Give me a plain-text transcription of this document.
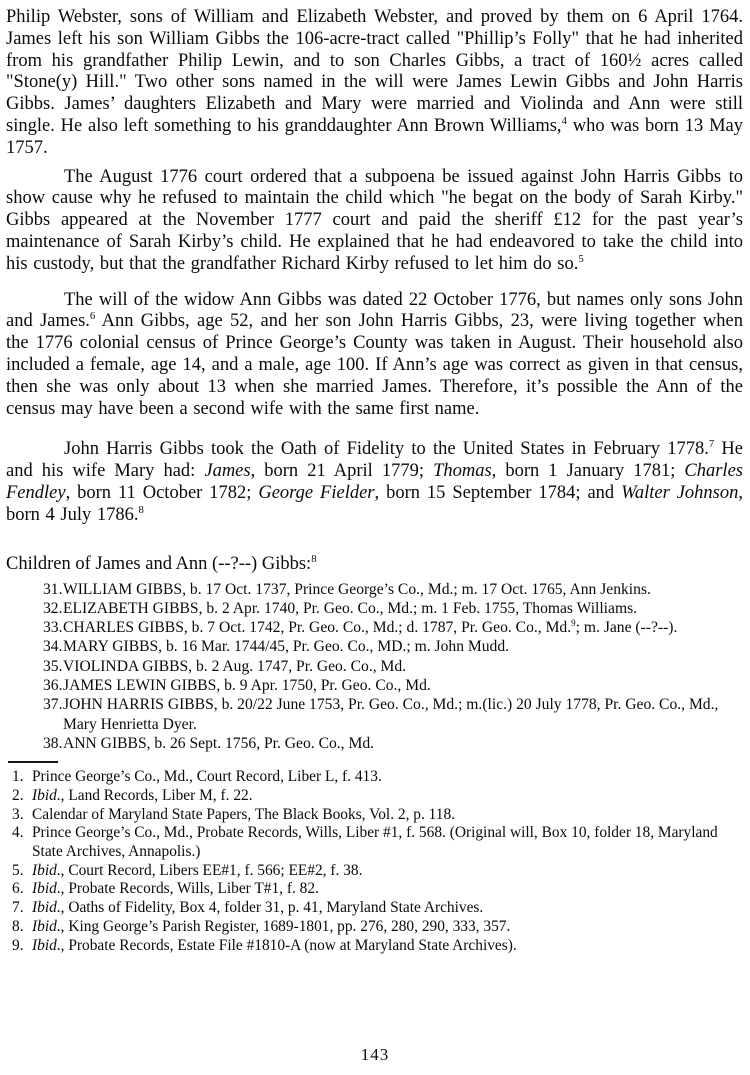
Philip Webster, sons of William and Elizabeth Webster, and proved by them on 6 April 1764. James left his son William Gibbs the 106-acre-tract called "Phillip’s Folly" that he had inherited from his grandfather Philip Lewin, and to son Charles Gibbs, a tract of 160½ acres called "Stone(y) Hill." Two other sons named in the will were James Lewin Gibbs and John Harris Gibbs. James’ daughters Elizabeth and Mary were married and Violinda and Ann were still single. He also left something to his granddaughter Ann Brown Williams,$^4$ who was born 13 May 1757.

The August 1776 court ordered that a subpoena be issued against John Harris Gibbs to show cause why he refused to maintain the child which "he begat on the body of Sarah Kirby." Gibbs appeared at the November 1777 court and paid the sheriff £12 for the past year’s maintenance of Sarah Kirby’s child. He explained that he had endeavored to take the child into his custody, but that the grandfather Richard Kirby refused to let him do so.$^5$

The will of the widow Ann Gibbs was dated 22 October 1776, but names only sons John and James.$^6$ Ann Gibbs, age 52, and her son John Harris Gibbs, 23, were living together when the 1776 colonial census of Prince George’s County was taken in August. Their household also included a female, age 14, and a male, age 100. If Ann’s age was correct as given in that census, then she was only about 13 when she married James. Therefore, it’s possible the Ann of the census may have been a second wife with the same first name.

John Harris Gibbs took the Oath of Fidelity to the United States in February 1778.$^7$ He and his wife Mary had: James, born 21 April 1779; Thomas, born 1 January 1781; Charles Fendley, born 11 October 1782; George Fielder, born 15 September 1784; and Walter Johnson, born 4 July 1786.$^8$

Children of James and Ann (--?--) Gibbs:$^8$

31. WILLIAM GIBBS, b. 17 Oct. 1737, Prince George’s Co., Md.; m. 17 Oct. 1765, Ann Jenkins.
32. ELIZABETH GIBBS, b. 2 Apr. 1740, Pr. Geo. Co., Md.; m. 1 Feb. 1755, Thomas Williams.
33. CHARLES GIBBS, b. 7 Oct. 1742, Pr. Geo. Co., Md.; d. 1787, Pr. Geo. Co., Md.$^9$; m. Jane (--?--).
34. MARY GIBBS, b. 16 Mar. 1744/45, Pr. Geo. Co., MD.; m. John Mudd.
35. VIOLINDA GIBBS, b. 2 Aug. 1747, Pr. Geo. Co., Md.
36. JAMES LEWIN GIBBS, b. 9 Apr. 1750, Pr. Geo. Co., Md.
37. JOHN HARRIS GIBBS, b. 20/22 June 1753, Pr. Geo. Co., Md.; m.(lic.) 20 July 1778, Pr. Geo. Co., Md., Mary Henrietta Dyer.
38. ANN GIBBS, b. 26 Sept. 1756, Pr. Geo. Co., Md.
1. Prince George’s Co., Md., Court Record, Liber L, f. 413.
2. Ibid., Land Records, Liber M, f. 22.
3. Calendar of Maryland State Papers, The Black Books, Vol. 2, p. 118.
4. Prince George’s Co., Md., Probate Records, Wills, Liber #1, f. 568. (Original will, Box 10, folder 18, Maryland State Archives, Annapolis.)
5. Ibid., Court Record, Libers EE#1, f. 566; EE#2, f. 38.
6. Ibid., Probate Records, Wills, Liber T#1, f. 82.
7. Ibid., Oaths of Fidelity, Box 4, folder 31, p. 41, Maryland State Archives.
8. Ibid., King George’s Parish Register, 1689-1801, pp. 276, 280, 290, 333, 357.
9. Ibid., Probate Records, Estate File #1810-A (now at Maryland State Archives).
143
